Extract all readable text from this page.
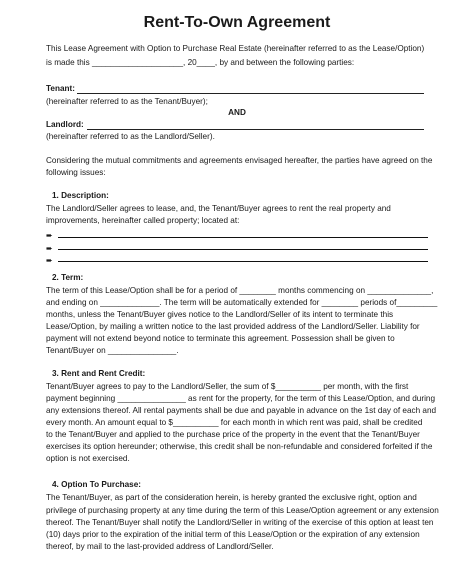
Rent-To-Own Agreement
This Lease Agreement with Option to Purchase Real Estate (hereinafter referred to as the Lease/Option)
is made this ____________________, 20____, by and between the following parties:
Tenant:
(hereinafter referred to as the Tenant/Buyer);
AND
Landlord:
(hereinafter referred to as the Landlord/Seller).
Considering the mutual commitments and agreements envisaged hereafter, the parties have agreed on the
following issues:
1. Description:
The Landlord/Seller agrees to lease, and, the Tenant/Buyer agrees to rent the real property and
improvements, hereinafter called property; located at:
➨
➨
➨
2. Term:
The term of this Lease/Option shall be for a period of ________ months commencing on ______________,
and ending on _____________. The term will be automatically extended for ________ periods of_________
months, unless the Tenant/Buyer gives notice to the Landlord/Seller of its intent to terminate this
Lease/Option, by mailing a written notice to the last provided address of the Landlord/Seller. Liability for
payment will not extend beyond notice to terminate this agreement. Possession shall be given to
Tenant/Buyer on _______________.
3. Rent and Rent Credit:
Tenant/Buyer agrees to pay to the Landlord/Seller, the sum of $__________ per month, with the first
payment beginning _______________ as rent for the property, for the term of this Lease/Option, and during
any extensions thereof. All rental payments shall be due and payable in advance on the 1st day of each and
every month. An amount equal to $__________ for each month in which rent was paid, shall be credited
to the Tenant/Buyer and applied to the purchase price of the property in the event that the Tenant/Buyer
exercises its option hereunder; otherwise, this credit shall be non-refundable and considered forfeited if the
option is not exercised.
4. Option To Purchase:
The Tenant/Buyer, as part of the consideration herein, is hereby granted the exclusive right, option and
privilege of purchasing property at any time during the term of this Lease/Option agreement or any extension
thereof. The Tenant/Buyer shall notify the Landlord/Seller in writing of the exercise of this option at least ten
(10) days prior to the expiration of the initial term of this Lease/Option or the expiration of any extension
thereof, by mail to the last-provided address of Landlord/Seller.
